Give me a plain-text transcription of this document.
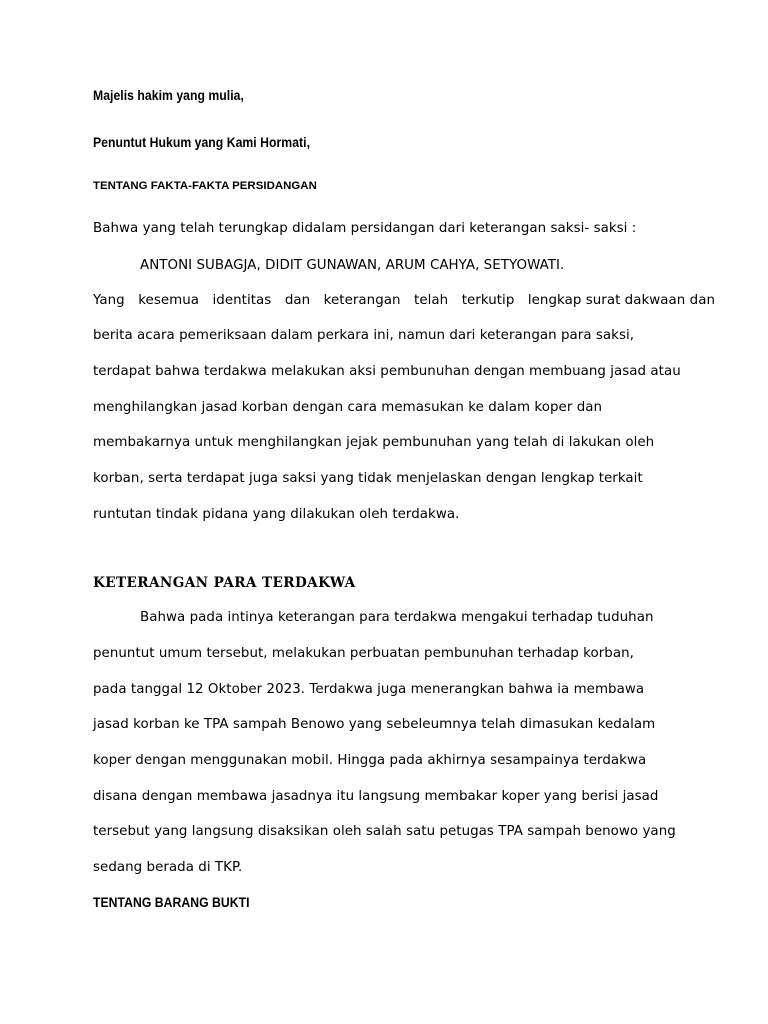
Majelis hakim yang mulia,
Penuntut Hukum yang Kami Hormati,
TENTANG FAKTA-FAKTA PERSIDANGAN
Bahwa yang telah terungkap didalam persidangan dari keterangan saksi- saksi :
ANTONI SUBAGJA, DIDIT GUNAWAN, ARUM CAHYA, SETYOWATI.
Yang kesemua identitas dan keterangan telah terkutip lengkap surat dakwaan dan
berita acara pemeriksaan dalam perkara ini, namun dari keterangan para saksi,
terdapat bahwa terdakwa melakukan aksi pembunuhan dengan membuang jasad atau
menghilangkan jasad korban dengan cara memasukan ke dalam koper dan
membakarnya untuk menghilangkan jejak pembunuhan yang telah di lakukan oleh
korban, serta terdapat juga saksi yang tidak menjelaskan dengan lengkap terkait
runtutan tindak pidana yang dilakukan oleh terdakwa.
KETERANGAN PARA TERDAKWA
Bahwa pada intinya keterangan para terdakwa mengakui terhadap tuduhan
penuntut umum tersebut, melakukan perbuatan pembunuhan terhadap korban,
pada tanggal 12 Oktober 2023. Terdakwa juga menerangkan bahwa ia membawa
jasad korban ke TPA sampah Benowo yang sebeleumnya telah dimasukan kedalam
koper dengan menggunakan mobil. Hingga pada akhirnya sesampainya terdakwa
disana dengan membawa jasadnya itu langsung membakar koper yang berisi jasad
tersebut yang langsung disaksikan oleh salah satu petugas TPA sampah benowo yang
sedang berada di TKP.
TENTANG BARANG BUKTI
